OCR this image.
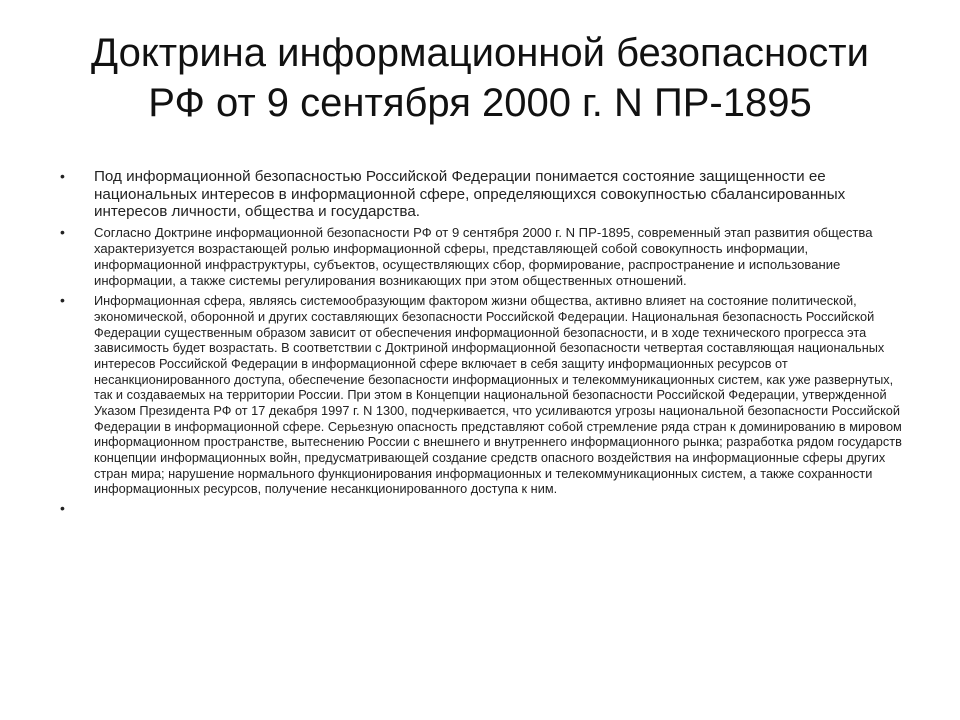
Доктрина информационной безопасности
РФ от 9 сентября 2000 г. N ПР-1895
• Под информационной безопасностью Российской Федерации понимается состояние защищенности ее национальных интересов в информационной сфере, определяющихся совокупностью сбалансированных интересов личности, общества и государства.
• Согласно Доктрине информационной безопасности РФ от 9 сентября 2000 г. N ПР-1895, современный этап развития общества характеризуется возрастающей ролью информационной сферы, представляющей собой совокупность информации, информационной инфраструктуры, субъектов, осуществляющих сбор, формирование, распространение и использование информации, а также системы регулирования возникающих при этом общественных отношений.
• Информационная сфера, являясь системообразующим фактором жизни общества, активно влияет на состояние политической, экономической, оборонной и других составляющих безопасности Российской Федерации. Национальная безопасность Российской Федерации существенным образом зависит от обеспечения информационной безопасности, и в ходе технического прогресса эта зависимость будет возрастать. В соответствии с Доктриной информационной безопасности четвертая составляющая национальных интересов Российской Федерации в информационной сфере включает в себя защиту информационных ресурсов от несанкционированного доступа, обеспечение безопасности информационных и телекоммуникационных систем, как уже развернутых, так и создаваемых на территории России. При этом в Концепции национальной безопасности Российской Федерации, утвержденной Указом Президента РФ от 17 декабря 1997 г. N 1300, подчеркивается, что усиливаются угрозы национальной безопасности Российской Федерации в информационной сфере. Серьезную опасность представляют собой стремление ряда стран к доминированию в мировом информационном пространстве, вытеснению России с внешнего и внутреннего информационного рынка; разработка рядом государств концепции информационных войн, предусматривающей создание средств опасного воздействия на информационные сферы других стран мира; нарушение нормального функционирования информационных и телекоммуникационных систем, а также сохранности информационных ресурсов, получение несанкционированного доступа к ним.
•
